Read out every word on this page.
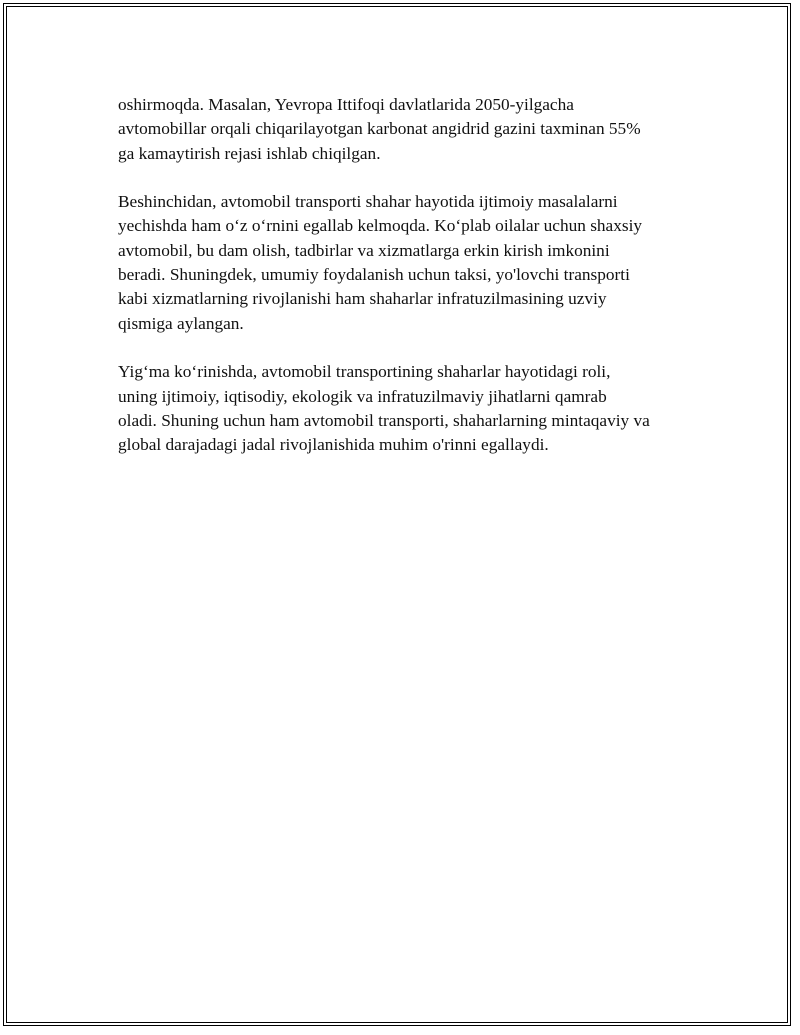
oshirmoqda. Masalan, Yevropa Ittifoqi davlatlarida 2050-yilgacha
avtomobillar orqali chiqarilayotgan karbonat angidrid gazini taxminan 55%
ga kamaytirish rejasi ishlab chiqilgan.

Beshinchidan, avtomobil transporti shahar hayotida ijtimoiy masalalarni
yechishda ham o‘z o‘rnini egallab kelmoqda. Ko‘plab oilalar uchun shaxsiy
avtomobil, bu dam olish, tadbirlar va xizmatlarga erkin kirish imkonini
beradi. Shuningdek, umumiy foydalanish uchun taksi, yo'lovchi transporti
kabi xizmatlarning rivojlanishi ham shaharlar infratuzilmasining uzviy
qismiga aylangan.

Yig‘ma ko‘rinishda, avtomobil transportining shaharlar hayotidagi roli,
uning ijtimoiy, iqtisodiy, ekologik va infratuzilmaviy jihatlarni qamrab
oladi. Shuning uchun ham avtomobil transporti, shaharlarning mintaqaviy va
global darajadagi jadal rivojlanishida muhim o'rinni egallaydi.
